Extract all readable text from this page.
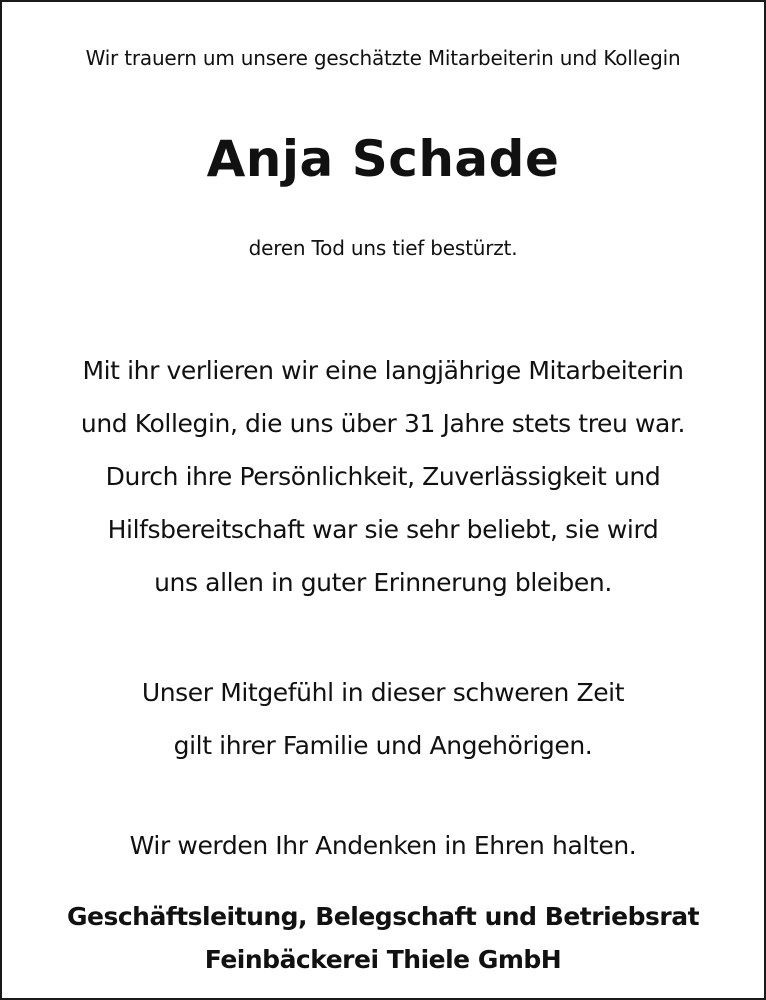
Wir trauern um unsere geschätzte Mitarbeiterin und Kollegin

Anja Schade

deren Tod uns tief bestürzt.

Mit ihr verlieren wir eine langjährige Mitarbeiterin
und Kollegin, die uns über 31 Jahre stets treu war.
Durch ihre Persönlichkeit, Zuverlässigkeit und
Hilfsbereitschaft war sie sehr beliebt, sie wird
uns allen in guter Erinnerung bleiben.
Unser Mitgefühl in dieser schweren Zeit
gilt ihrer Familie und Angehörigen.

Wir werden Ihr Andenken in Ehren halten.

Geschäftsleitung, Belegschaft und Betriebsrat
Feinbäckerei Thiele GmbH
